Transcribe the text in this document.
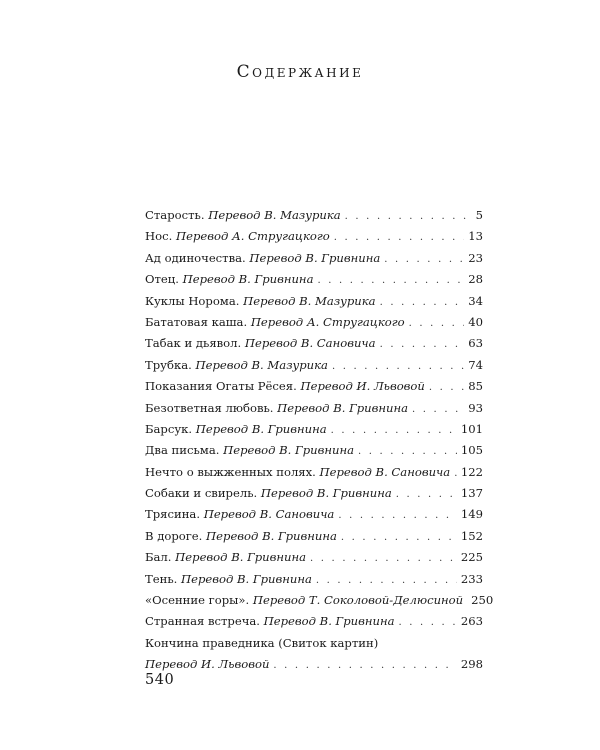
Содержание
Старость. Перевод В. Мазурика . . .	5
Нос. Перевод А. Стругацкого . . .	13
Ад одиночества. Перевод В. Гривнина . . .	23
Отец. Перевод В. Гривнина . . .	28
Куклы Норома. Перевод В. Мазурика . . .	34
Бататовая каша. Перевод А. Стругацкого . . .	40
Табак и дьявол. Перевод В. Сановича . . .	63
Трубка. Перевод В. Мазурика . . .	74
Показания Огаты Рёсея. Перевод И. Львовой . . .	85
Безответная любовь. Перевод В. Гривнина . . .	93
Барсук. Перевод В. Гривнина . . .	101
Два письма. Перевод В. Гривнина . . .	105
Нечто о выжженных полях. Перевод В. Сановича . . . 122
Собаки и свирель. Перевод В. Гривнина . . .	137
Трясина. Перевод В. Сановича . . .	149
В дороге. Перевод В. Гривнина . . .	152
Бал. Перевод В. Гривнина . . .	225
Тень. Перевод В. Гривнина . . .	233
«Осенние горы». Перевод Т. Соколовой-Делюсиной 250
Странная встреча. Перевод В. Гривнина . . .	263
Кончина праведника (Свиток картин)
Перевод И. Львовой . . .	298
540
